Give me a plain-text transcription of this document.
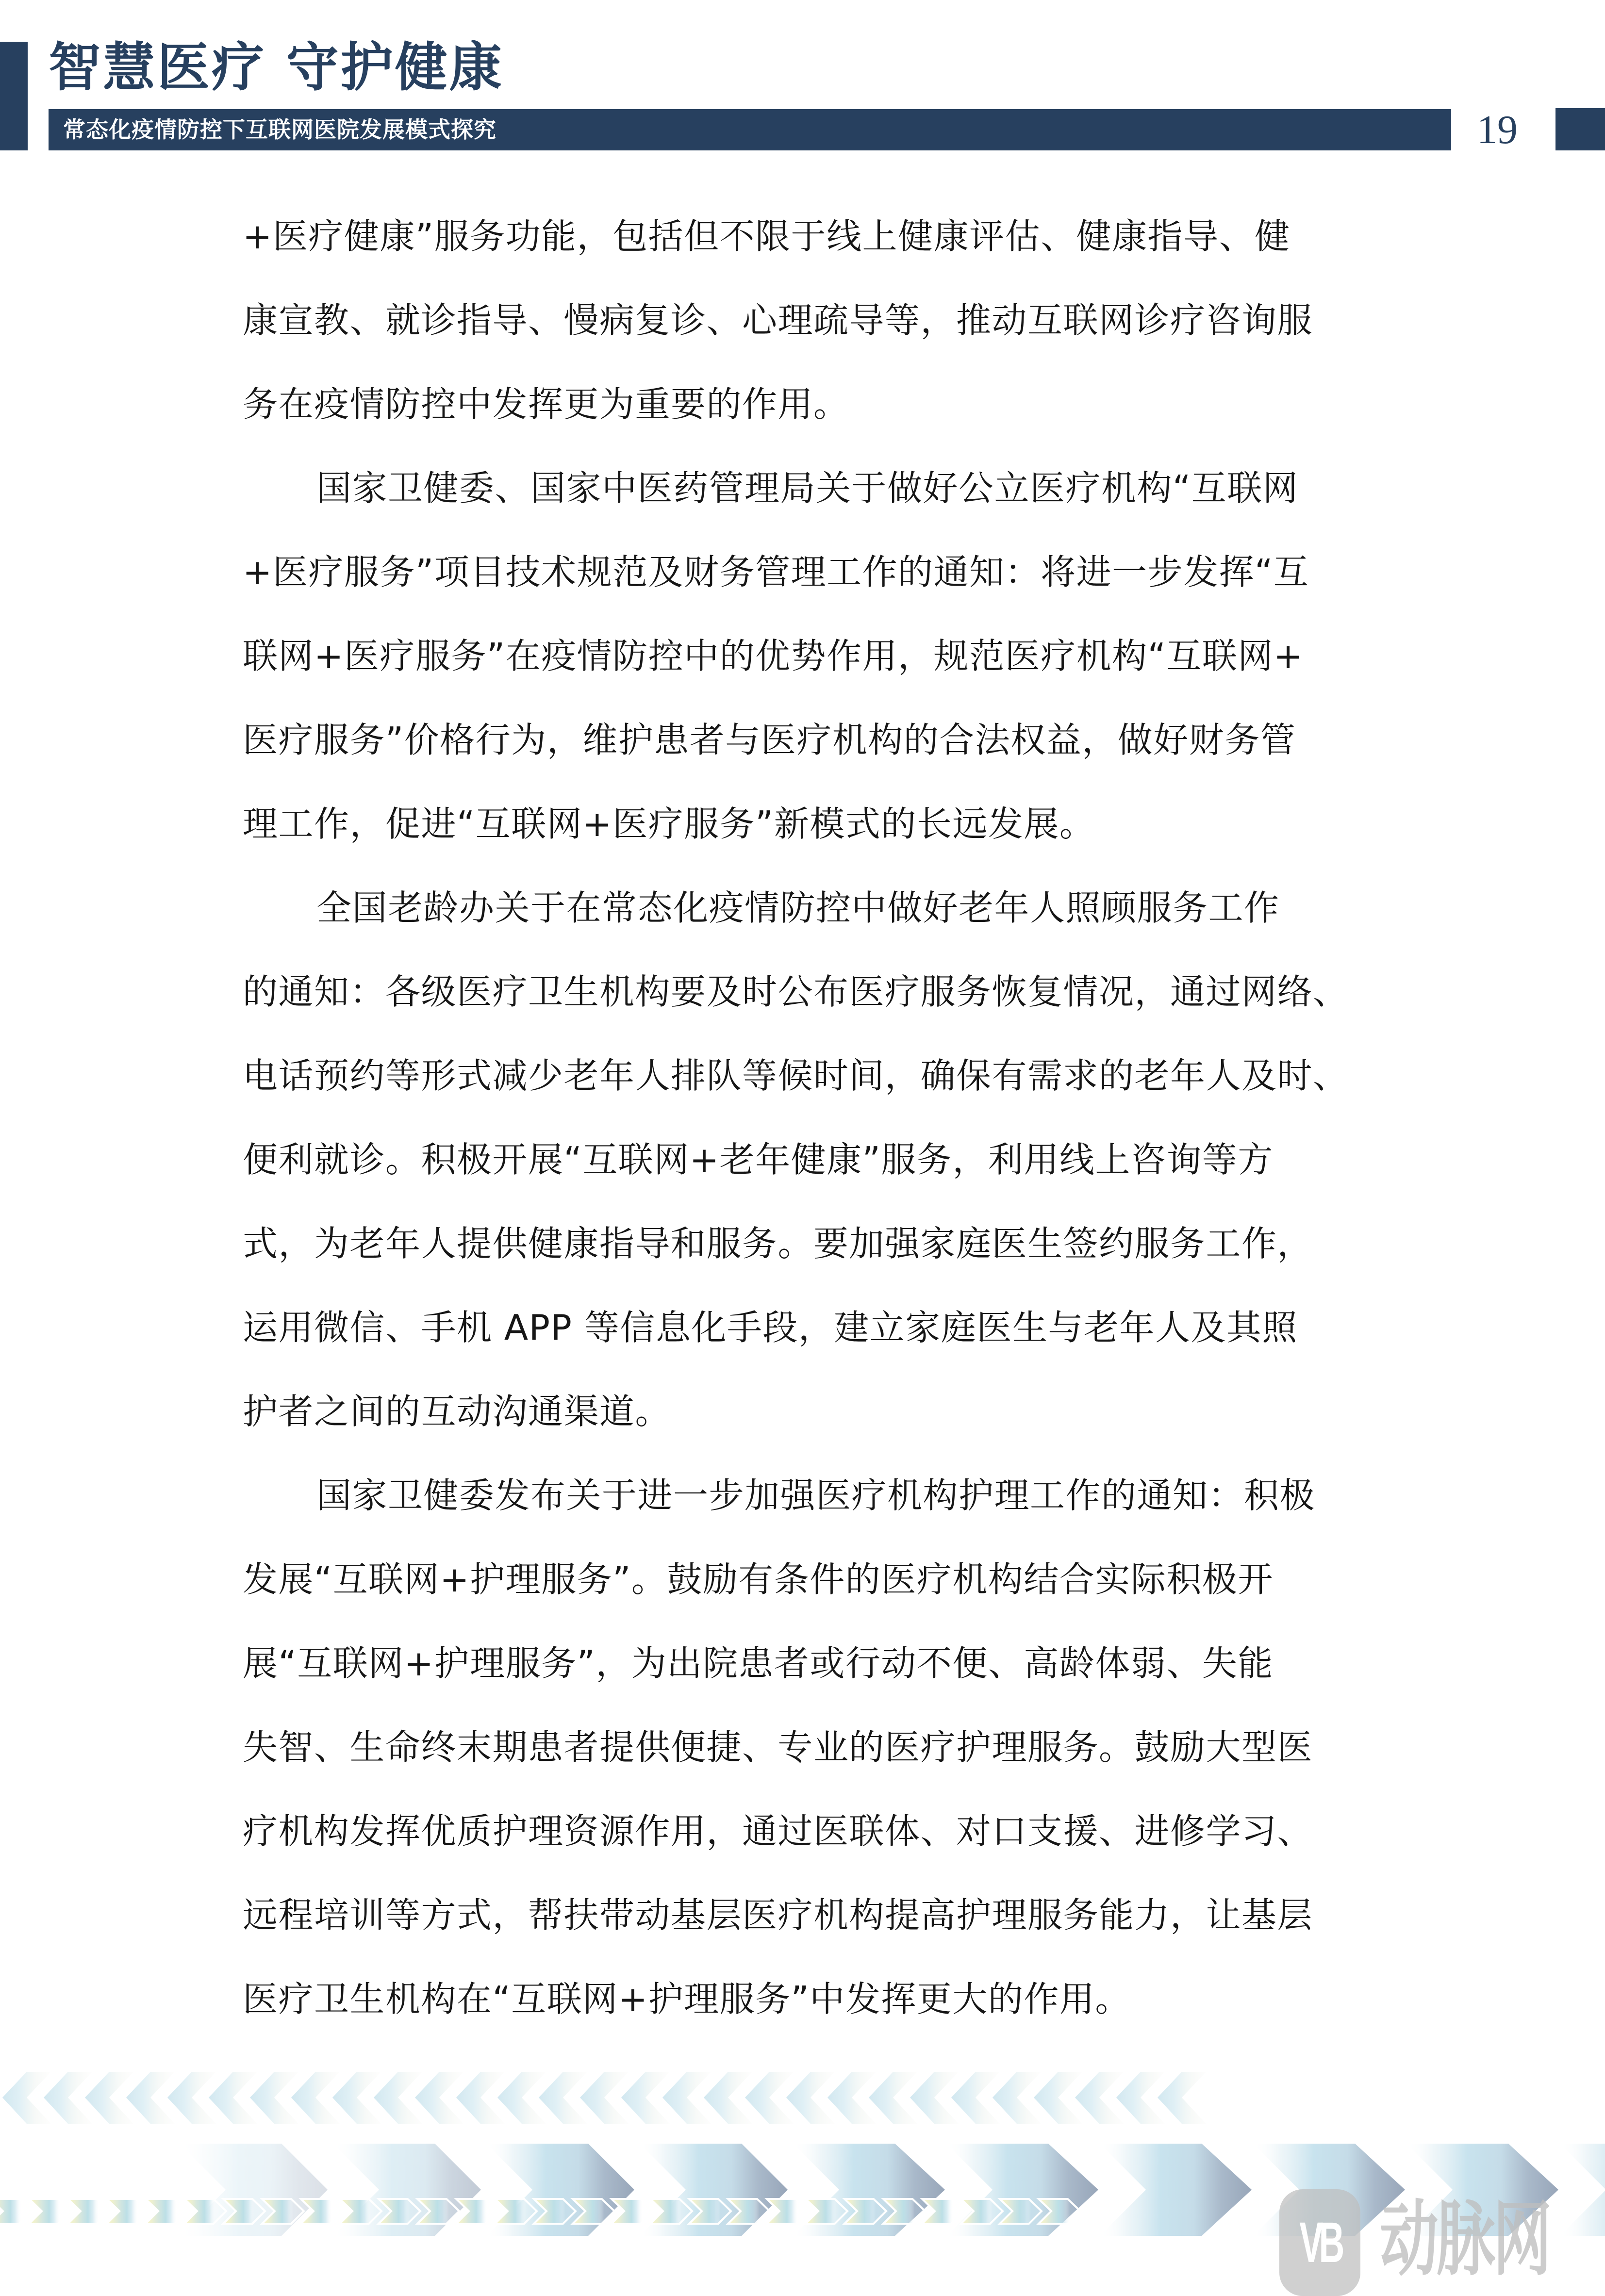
智慧医疗 守护健康
常态化疫情防控下互联网医院发展模式探究	19
+医疗健康”服务功能，包括但不限于线上健康评估、健康指导、健
康宣教、就诊指导、慢病复诊、心理疏导等，推动互联网诊疗咨询服
务在疫情防控中发挥更为重要的作用。
国家卫健委、国家中医药管理局关于做好公立医疗机构“互联网
+医疗服务”项目技术规范及财务管理工作的通知：将进一步发挥“互
联网+医疗服务”在疫情防控中的优势作用，规范医疗机构“互联网+
医疗服务”价格行为，维护患者与医疗机构的合法权益，做好财务管
理工作，促进“互联网+医疗服务”新模式的长远发展。
全国老龄办关于在常态化疫情防控中做好老年人照顾服务工作
的通知：各级医疗卫生机构要及时公布医疗服务恢复情况，通过网络、
电话预约等形式减少老年人排队等候时间，确保有需求的老年人及时、
便利就诊。积极开展“互联网+老年健康”服务，利用线上咨询等方
式，为老年人提供健康指导和服务。要加强家庭医生签约服务工作，
运用微信、手机 APP 等信息化手段，建立家庭医生与老年人及其照
护者之间的互动沟通渠道。
国家卫健委发布关于进一步加强医疗机构护理工作的通知：积极
发展“互联网+护理服务”。鼓励有条件的医疗机构结合实际积极开
展“互联网+护理服务”，为出院患者或行动不便、高龄体弱、失能
失智、生命终末期患者提供便捷、专业的医疗护理服务。鼓励大型医
疗机构发挥优质护理资源作用，通过医联体、对口支援、进修学习、
远程培训等方式，帮扶带动基层医疗机构提高护理服务能力，让基层
医疗卫生机构在“互联网+护理服务”中发挥更大的作用。
VB 动脉网
